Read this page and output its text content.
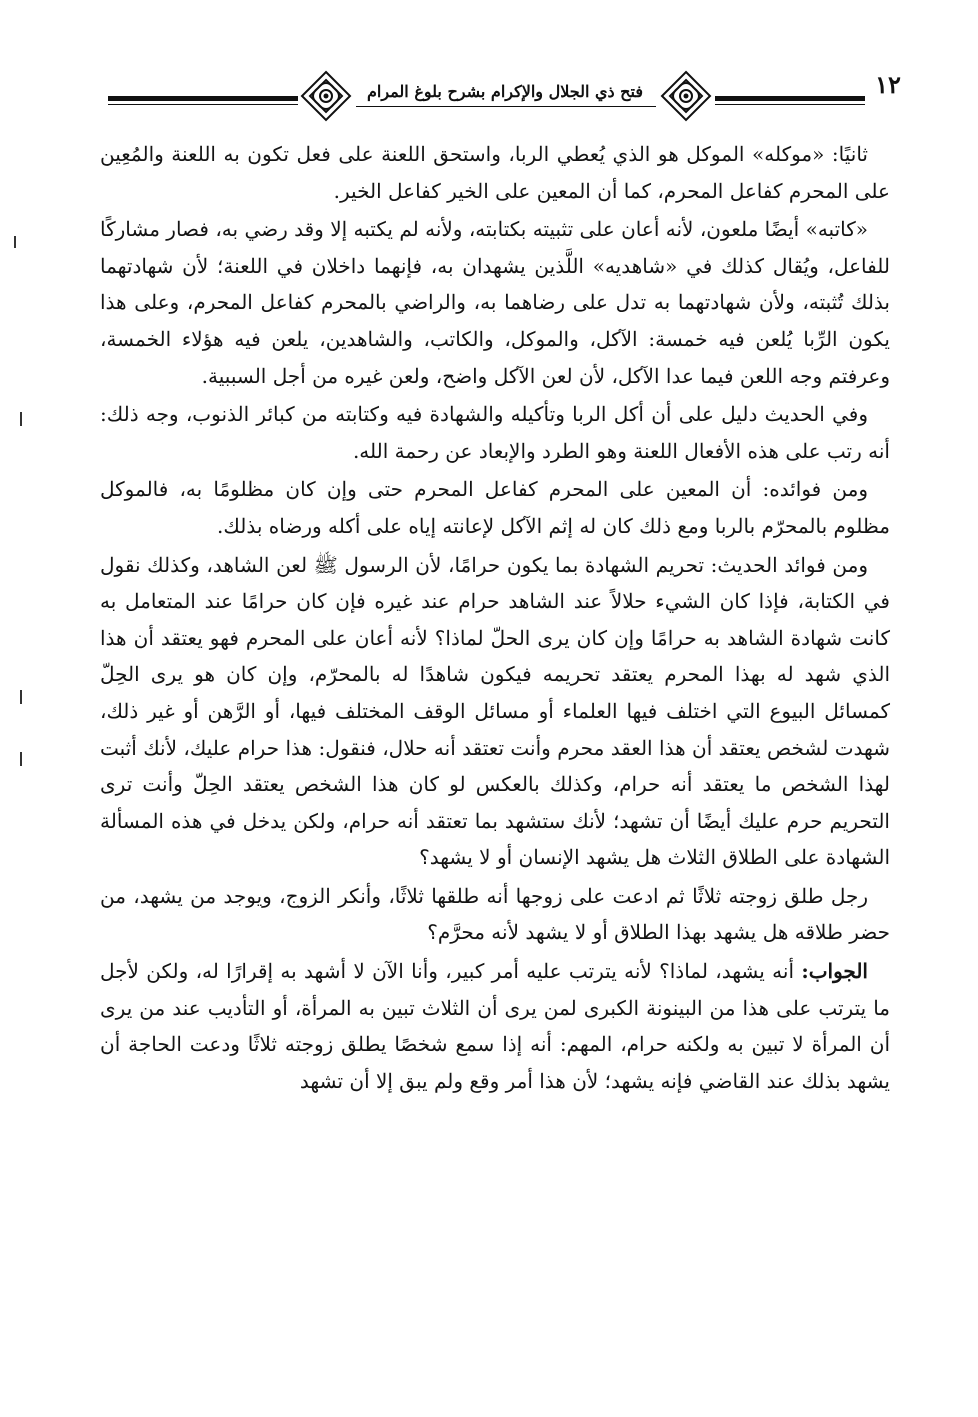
فتح ذي الجلال والإكرام بشرح بلوغ المرام	١٢

ثانيًا: «موكله» الموكل هو الذي يُعطي الربا، واستحق اللعنة على فعل تكون به اللعنة والمُعِين على المحرم كفاعل المحرم، كما أن المعين على الخير كفاعل الخير.

«كاتبه» أيضًا ملعون، لأنه أعان على تثبيته بكتابته، ولأنه لم يكتبه إلا وقد رضي به، فصار مشاركًا للفاعل، ويُقال كذلك في «شاهديه» اللَّذين يشهدان به، فإنهما داخلان في اللعنة؛ لأن شهادتهما بذلك تُثبته، ولأن شهادتهما به تدل على رضاهما به، والراضي بالمحرم كفاعل المحرم، وعلى هذا يكون الرِّبا يُلعن فيه خمسة: الآكل، والموكل، والكاتب، والشاهدين، يلعن فيه هؤلاء الخمسة، وعرفتم وجه اللعن فيما عدا الآكل، لأن لعن الآكل واضح، ولعن غيره من أجل السببية.

وفي الحديث دليل على أن أكل الربا وتأكيله والشهادة فيه وكتابته من كبائر الذنوب، وجه ذلك: أنه رتب على هذه الأفعال اللعنة وهو الطرد والإبعاد عن رحمة الله.

ومن فوائده: أن المعين على المحرم كفاعل المحرم حتى وإن كان مظلومًا به، فالموكل مظلوم بالمحرّم بالربا ومع ذلك كان له إثم الآكل لإعانته إياه على أكله ورضاه بذلك.

ومن فوائد الحديث: تحريم الشهادة بما يكون حرامًا، لأن الرسول ﷺ لعن الشاهد، وكذلك نقول في الكتابة، فإذا كان الشيء حلالاً عند الشاهد حرام عند غيره فإن كان حرامًا عند المتعامل به كانت شهادة الشاهد به حرامًا وإن كان يرى الحلّ لماذا؟ لأنه أعان على المحرم فهو يعتقد أن هذا الذي شهد له بهذا المحرم يعتقد تحريمه فيكون شاهدًا له بالمحرّم، وإن كان هو يرى الحِلّ كمسائل البيوع التي اختلف فيها العلماء أو مسائل الوقف المختلف فيها، أو الرَّهن أو غير ذلك، شهدت لشخص يعتقد أن هذا العقد محرم وأنت تعتقد أنه حلال، فنقول: هذا حرام عليك، لأنك أثبت لهذا الشخص ما يعتقد أنه حرام، وكذلك بالعكس لو كان هذا الشخص يعتقد الحِلّ وأنت ترى التحريم حرم عليك أيضًا أن تشهد؛ لأنك ستشهد بما تعتقد أنه حرام، ولكن يدخل في هذه المسألة الشهادة على الطلاق الثلاث هل يشهد الإنسان أو لا يشهد؟

رجل طلق زوجته ثلاثًا ثم ادعت على زوجها أنه طلقها ثلاثًا، وأنكر الزوج، ويوجد من يشهد، من حضر طلاقه هل يشهد بهذا الطلاق أو لا يشهد لأنه محرَّم؟

الجواب: أنه يشهد، لماذا؟ لأنه يترتب عليه أمر كبير، وأنا الآن لا أشهد به إقرارًا له، ولكن لأجل ما يترتب على هذا من البينونة الكبرى لمن يرى أن الثلاث تبين به المرأة، أو التأديب عند من يرى أن المرأة لا تبين به ولكنه حرام، المهم: أنه إذا سمع شخصًا يطلق زوجته ثلاثًا ودعت الحاجة أن يشهد بذلك عند القاضي فإنه يشهد؛ لأن هذا أمر وقع ولم يبق إلا أن تشهد
